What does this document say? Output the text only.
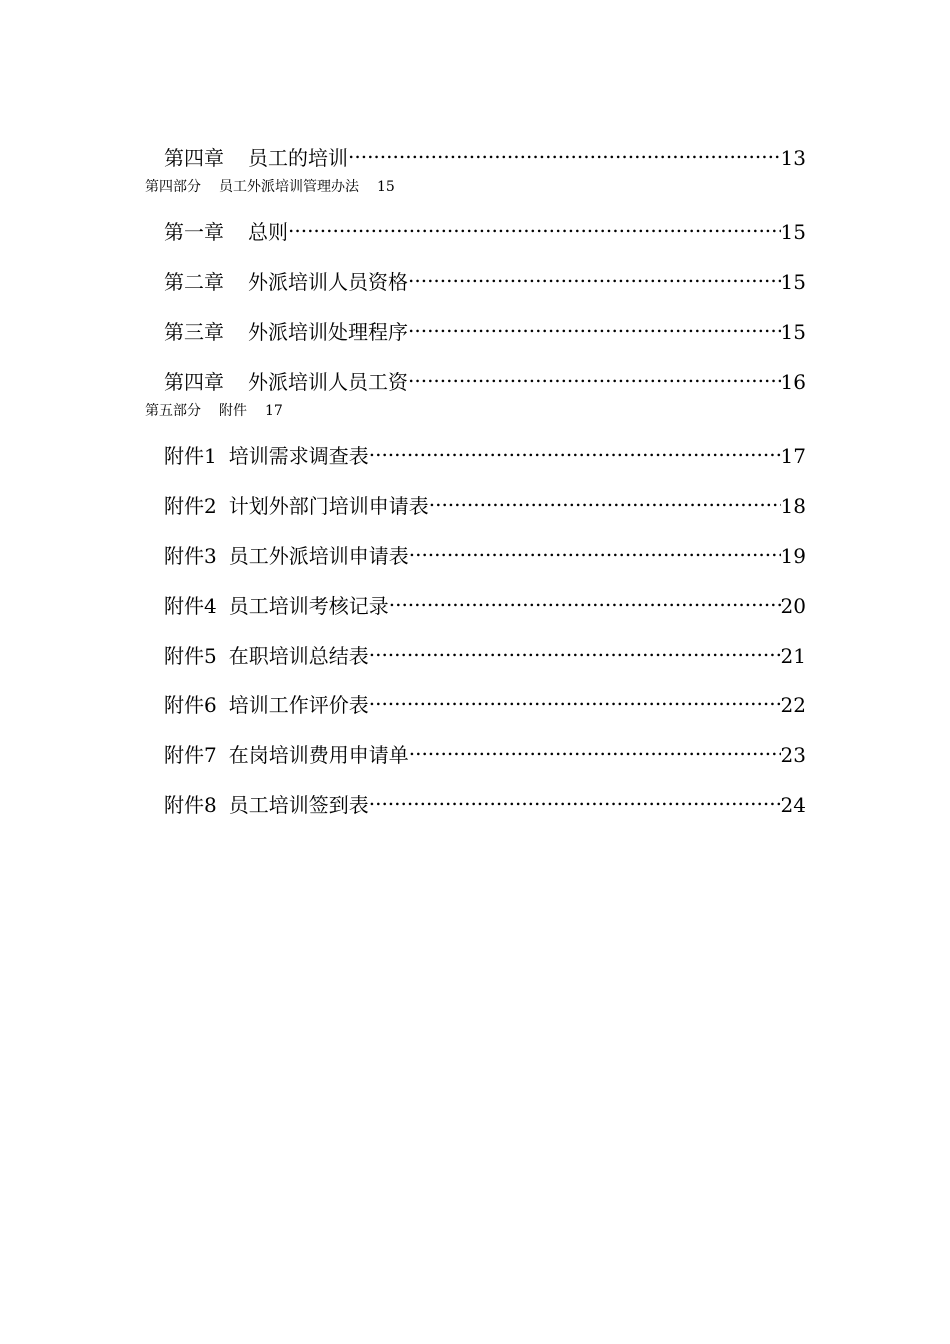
第四章 员工的培训 .....	13
第四部分 员工外派培训管理办法 15
第一章 总则 .....	15
第二章 外派培训人员资格 .....	15
第三章 外派培训处理程序 .....	15
第四章 外派培训人员工资 .....	16
第五部分 附件 17
附件 1 培训需求调查表 .....	17
附件 2 计划外部门培训申请表 .....	18
附件 3 员工外派培训申请表 .....	19
附件 4 员工培训考核记录 .....	20
附件 5 在职培训总结表 .....	21
附件 6 培训工作评价表 .....	22
附件 7 在岗培训费用申请单 .....	23
附件 8 员工培训签到表 .....	24
